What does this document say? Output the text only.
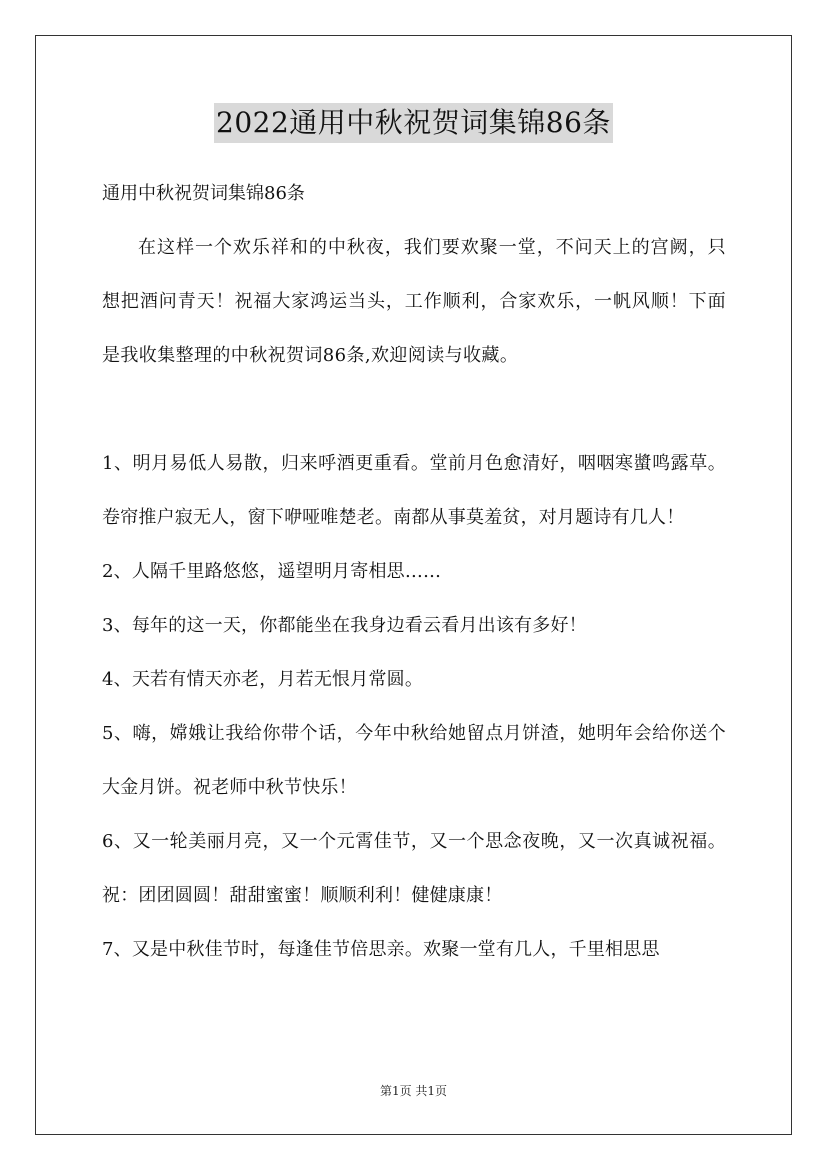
2022通用中秋祝贺词集锦86条

通用中秋祝贺词集锦86条

在这样一个欢乐祥和的中秋夜，我们要欢聚一堂，不问天上的宫阙，只想把酒问青天！祝福大家鸿运当头，工作顺利，合家欢乐，一帆风顺！下面是我收集整理的中秋祝贺词86条,欢迎阅读与收藏。

1、明月易低人易散，归来呼酒更重看。堂前月色愈清好，咽咽寒螿鸣露草。卷帘推户寂无人，窗下咿哑唯楚老。南都从事莫羞贫，对月题诗有几人！

2、人隔千里路悠悠，遥望明月寄相思……

3、每年的这一天，你都能坐在我身边看云看月出该有多好！

4、天若有情天亦老，月若无恨月常圆。

5、嗨，嫦娥让我给你带个话，今年中秋给她留点月饼渣，她明年会给你送个大金月饼。祝老师中秋节快乐！

6、又一轮美丽月亮，又一个元霄佳节，又一个思念夜晚，又一次真诚祝福。祝：团团圆圆！甜甜蜜蜜！顺顺利利！健健康康！

7、又是中秋佳节时，每逢佳节倍思亲。欢聚一堂有几人，千里相思思

第1页 共1页
